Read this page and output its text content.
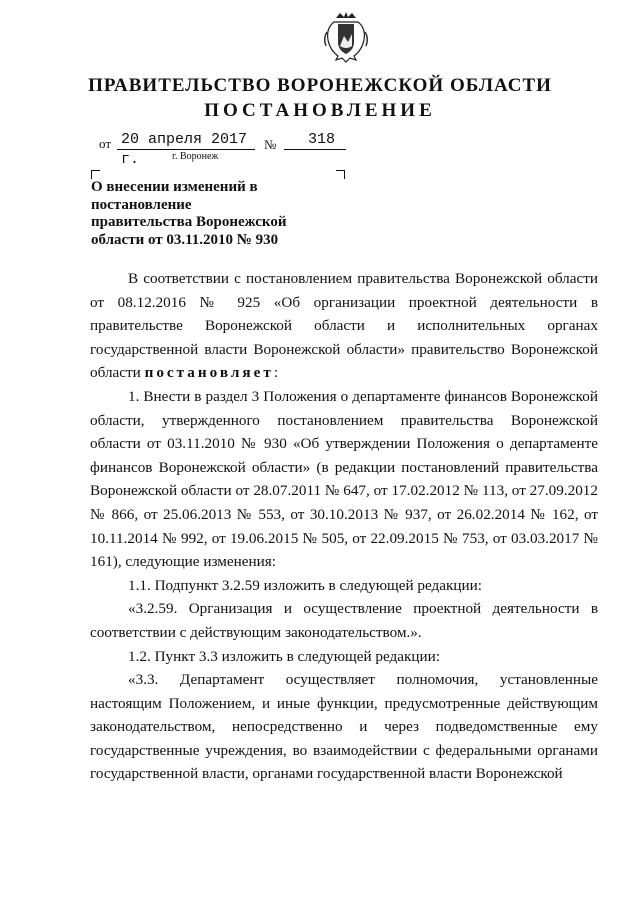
ПРАВИТЕЛЬСТВО ВОРОНЕЖСКОЙ ОБЛАСТИ
ПОСТАНОВЛЕНИЕ
от 20 апреля 2017 г.
№	318
г. Воронеж
О внесении изменений в
постановление
правительства Воронежской
области от 03.11.2010 № 930

В соответствии с постановлением правительства Воронежской области от 08.12.2016 № 925 «Об организации проектной деятельности в правительстве Воронежской области и исполнительных органах государственной власти Воронежской области» правительство Воронежской области постановляет:

1. Внести в раздел 3 Положения о департаменте финансов Воронежской области, утвержденного постановлением правительства Воронежской области от 03.11.2010 № 930 «Об утверждении Положения о департаменте финансов Воронежской области» (в редакции постановлений правительства Воронежской области от 28.07.2011 № 647, от 17.02.2012 № 113, от 27.09.2012 № 866, от 25.06.2013 № 553, от 30.10.2013 № 937, от 26.02.2014 № 162, от 10.11.2014 № 992, от 19.06.2015 № 505, от 22.09.2015 № 753, от 03.03.2017 № 161), следующие изменения:

1.1. Подпункт 3.2.59 изложить в следующей редакции:

«3.2.59. Организация и осуществление проектной деятельности в соответствии с действующим законодательством.».

1.2. Пункт 3.3 изложить в следующей редакции:

«3.3. Департамент осуществляет полномочия, установленные настоящим Положением, и иные функции, предусмотренные действующим законодательством, непосредственно и через подведомственные ему государственные учреждения, во взаимодействии с федеральными органами государственной власти, органами государственной власти Воронежской
